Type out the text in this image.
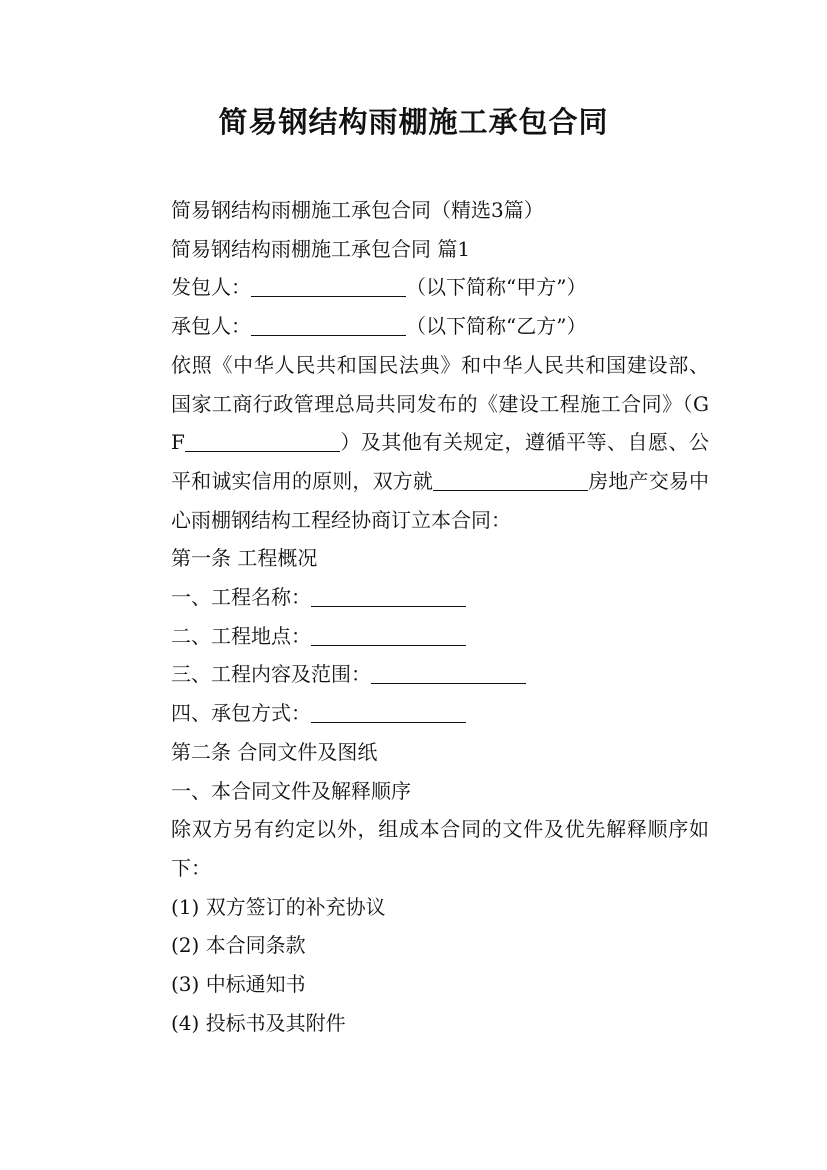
简易钢结构雨棚施工承包合同

简易钢结构雨棚施工承包合同（精选3篇）

简易钢结构雨棚施工承包合同 篇1

发包人：	（以下简称“甲方”）

承包人：	（以下简称“乙方”）

依照《中华人民共和国民法典》和中华人民共和国建设部、国家工商行政管理总局共同发布的《建设工程施工合同》（GF	）及其他有关规定，遵循平等、自愿、公平和诚实信用的原则，双方就	房地产交易中心雨棚钢结构工程经协商订立本合同：

第一条 工程概况

一、工程名称：

二、工程地点：

三、工程内容及范围：

四、承包方式：

第二条 合同文件及图纸

一、本合同文件及解释顺序

除双方另有约定以外，组成本合同的文件及优先解释顺序如下：

(1) 双方签订的补充协议

(2) 本合同条款

(3) 中标通知书

(4) 投标书及其附件
